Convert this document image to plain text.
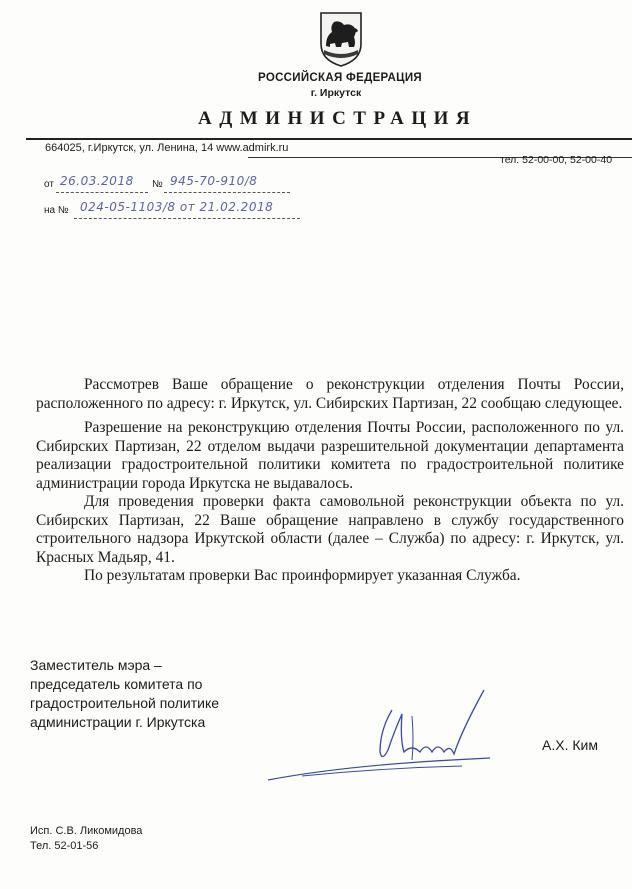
РОССИЙСКАЯ ФЕДЕРАЦИЯ
г. Иркутск
АДМИНИСТРАЦИЯ
664025, г.Иркутск, ул. Ленина, 14 www.admirk.ru
тел. 52-00-00, 52-00-40
от 26.03.2018 № 945-70-910/8
на № 024-05-1103/8 от 21.02.2018

Рассмотрев Ваше обращение о реконструкции отделения Почты России, расположенного по адресу: г. Иркутск, ул. Сибирских Партизан, 22 сообщаю следующее.

Разрешение на реконструкцию отделения Почты России, расположенного по ул. Сибирских Партизан, 22 отделом выдачи разрешительной документации департамента реализации градостроительной политики комитета по градостроительной политике администрации города Иркутска не выдавалось.

Для проведения проверки факта самовольной реконструкции объекта по ул. Сибирских Партизан, 22 Ваше обращение направлено в службу государственного строительного надзора Иркутской области (далее – Служба) по адресу: г. Иркутск, ул. Красных Мадьяр, 41.

По результатам проверки Вас проинформирует указанная Служба.

Заместитель мэра –
председатель комитета по
градостроительной политике
администрации г. Иркутска
А.Х. Ким
Исп. С.В. Ликомидова
Тел. 52-01-56
